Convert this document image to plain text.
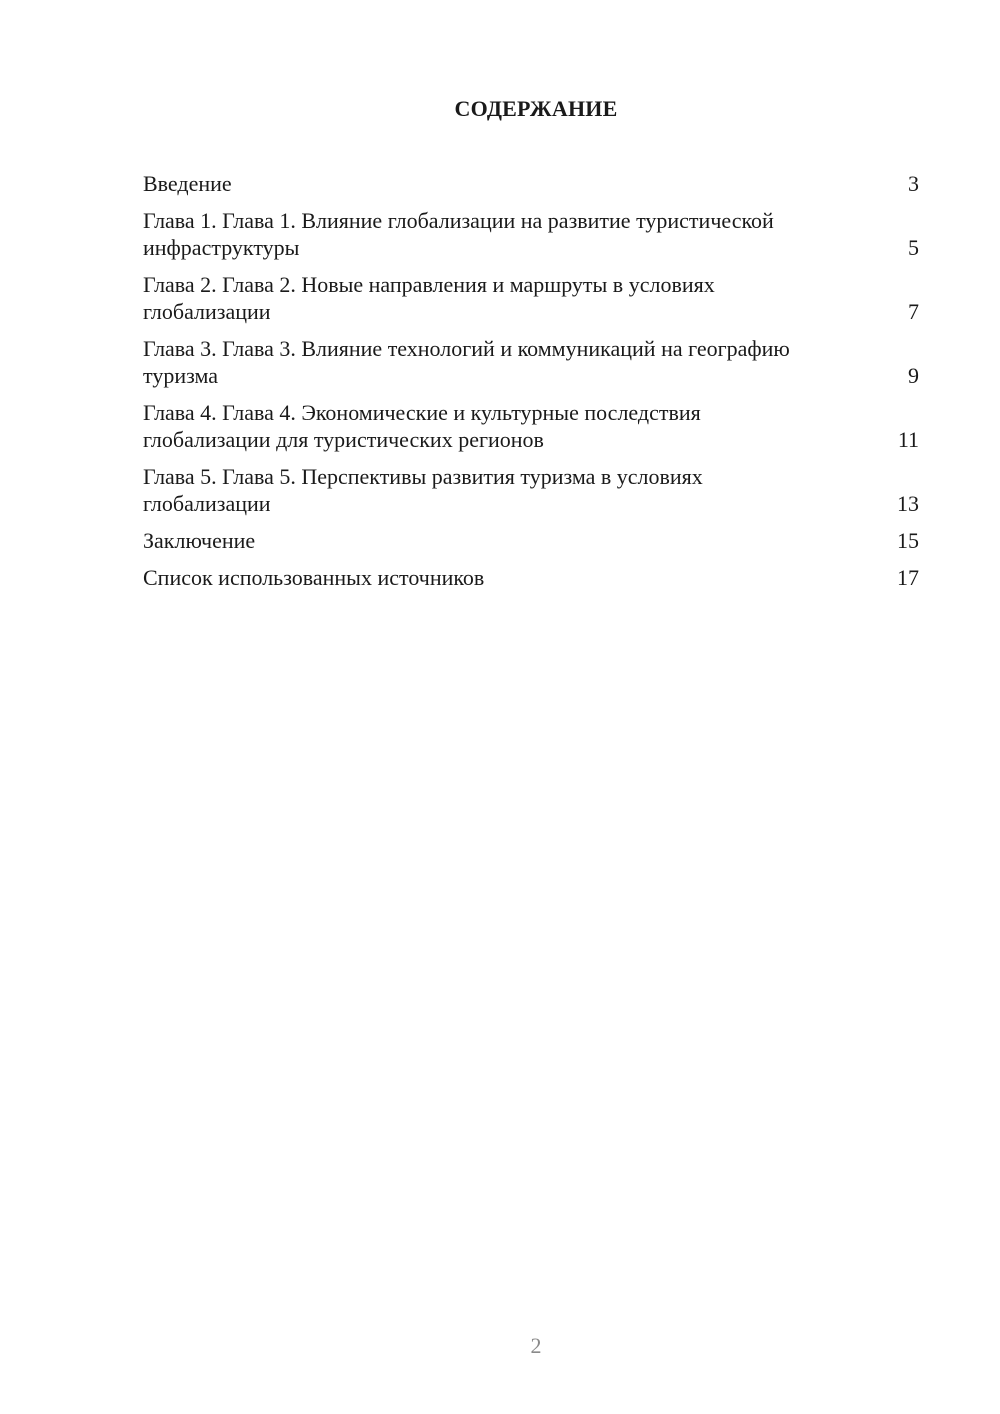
СОДЕРЖАНИЕ
Введение	3
Глава 1. Глава 1. Влияние глобализации на развитие туристической инфраструктуры	5
Глава 2. Глава 2. Новые направления и маршруты в условиях глобализации	7
Глава 3. Глава 3. Влияние технологий и коммуникаций на географию туризма	9
Глава 4. Глава 4. Экономические и культурные последствия глобализации для туристических регионов	11
Глава 5. Глава 5. Перспективы развития туризма в условиях глобализации	13
Заключение	15
Список использованных источников	17
2
